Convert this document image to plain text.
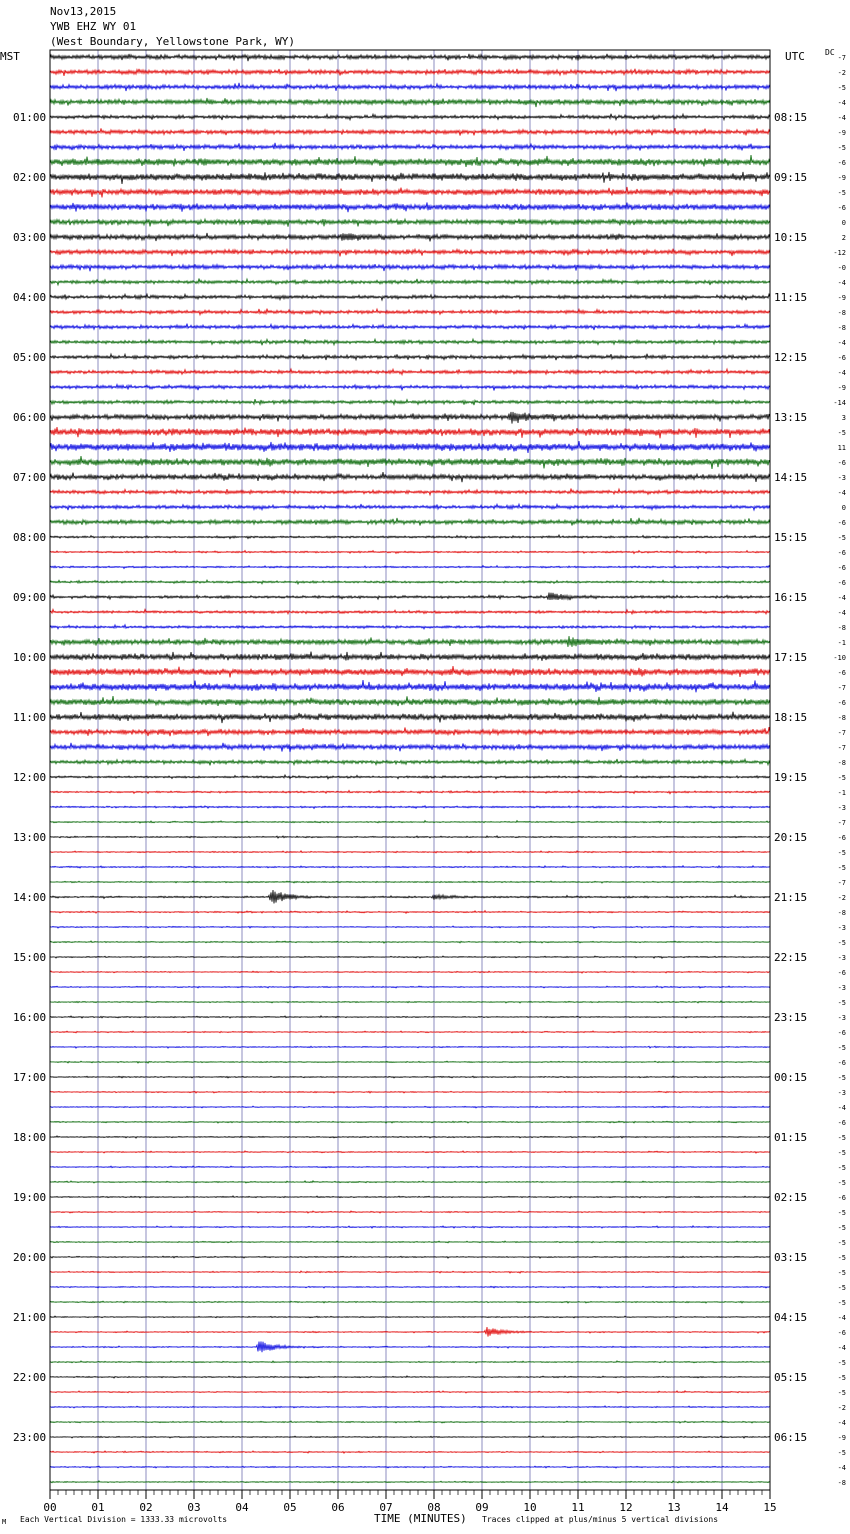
01:00
02:00
03:00
04:00
05:00
06:00
07:00
08:00
09:00
10:00
11:00
12:00
13:00
14:00
15:00
16:00
17:00
18:00
19:00
20:00
21:00
22:00
23:00
08:15
09:15
10:15
11:15
12:15
13:15
14:15
15:15
16:15
17:15
18:15
19:15
20:15
21:15
22:15
23:15
00:15
01:15
02:15
03:15
04:15
05:15
06:15
-7
-2
-5
-4
-4
-9
-5
-6
-9
-5
-6
0
2
-12
-0
-4
-9
-8
-8
-4
-6
-4
-9
-14
3
-5
11
-6
-3
-4
0
-6
-5
-6
-6
-6
-4
-4
-8
-1
-10
-6
-7
-6
-8
-7
-7
-8
-5
-1
-3
-7
-6
-5
-5
-7
-2
-8
-3
-5
-3
-6
-3
-5
-3
-6
-5
-6
-5
-3
-4
-6
-5
-5
-5
-5
-6
-5
-5
-5
-5
-5
-5
-5
-4
-6
-4
-5
-5
-5
-2
-4
-9
-5
-4
-8
00	01	02	03	04	05	06	07	08	09	10	11	12	13	14	15
Nov13,2015
YWB EHZ WY 01
(West Boundary, Yellowstone Park, WY)
MST	UTC	DC
M Each Vertical Division = 1333.33 microvolts	TIME (MINUTES) Traces clipped at plus/minus 5 vertical divisions
